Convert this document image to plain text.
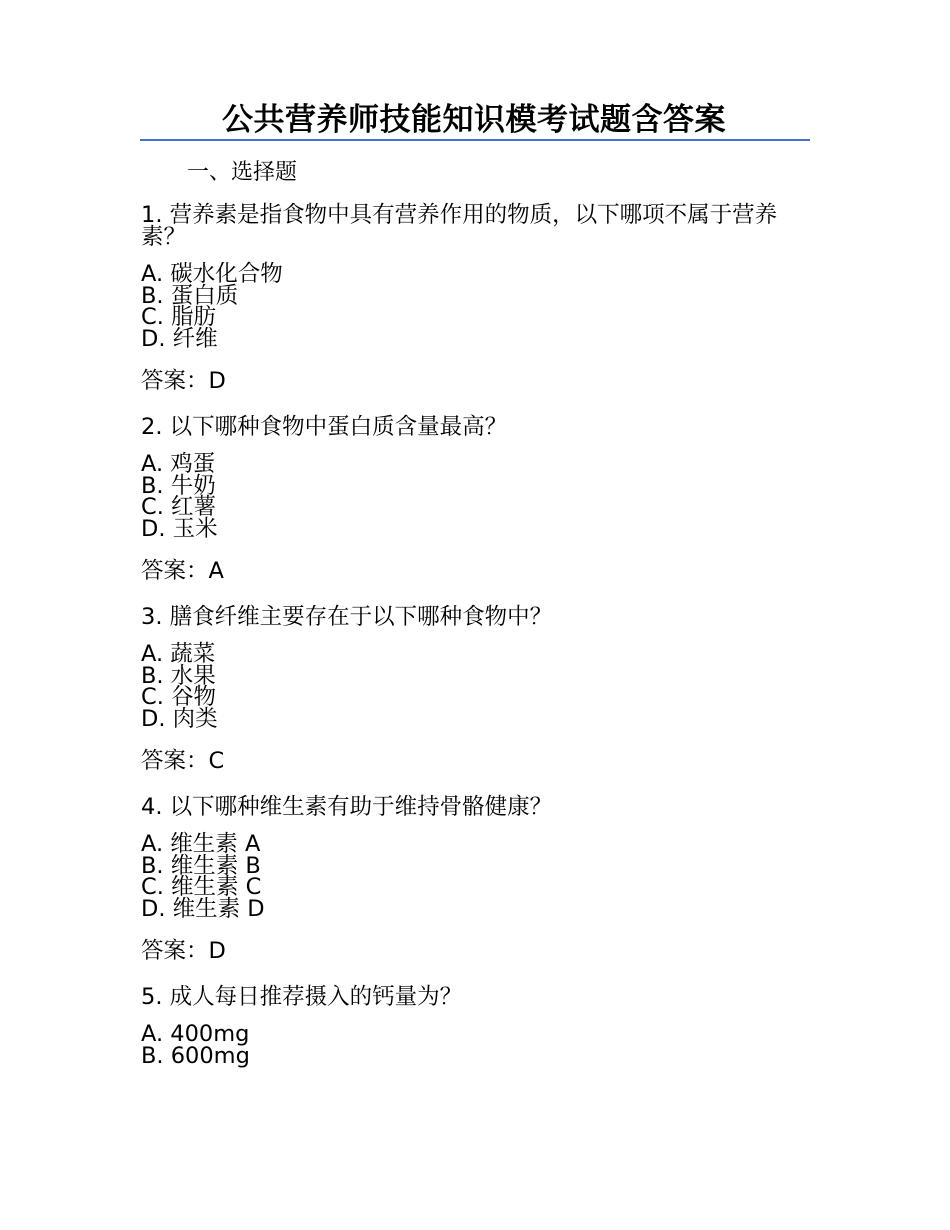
公共营养师技能知识模考试题含答案
一、选择题

1. 营养素是指食物中具有营养作用的物质，以下哪项不属于营养素？

A. 碳水化合物
B. 蛋白质
C. 脂肪
D. 纤维
答案：D

2. 以下哪种食物中蛋白质含量最高？

A. 鸡蛋
B. 牛奶
C. 红薯
D. 玉米
答案：A

3. 膳食纤维主要存在于以下哪种食物中？

A. 蔬菜
B. 水果
C. 谷物
D. 肉类
答案：C

4. 以下哪种维生素有助于维持骨骼健康？

A. 维生素 A
B. 维生素 B
C. 维生素 C
D. 维生素 D
答案：D

5. 成人每日推荐摄入的钙量为？

A. 400mg
B. 600mg
